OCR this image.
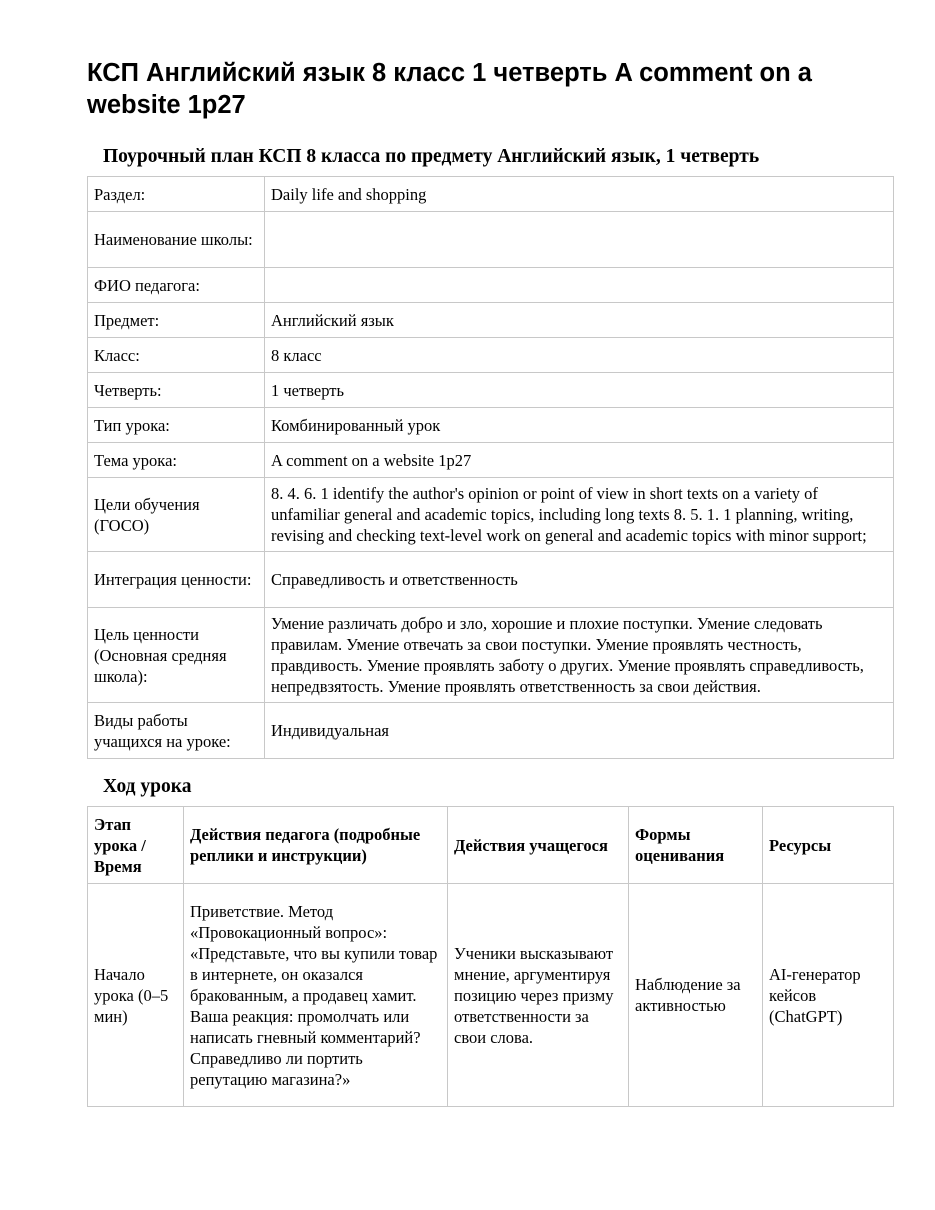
КСП Английский язык 8 класс 1 четверть A comment on a website 1p27
Поурочный план КСП 8 класса по предмету Английский язык, 1 четверть
Раздел:	Daily life and shopping
Наименование школы:	
ФИО педагога:	
Предмет:	Английский язык
Класс:	8 класс
Четверть:	1 четверть
Тип урока:	Комбинированный урок
Тема урока:	A comment on a website 1p27
Цели обучения (ГОСО)	8. 4. 6. 1 identify the author's opinion or point of view in short texts on a variety of unfamiliar general and academic topics, including long texts 8. 5. 1. 1 planning, writing, revising and checking text-level work on general and academic topics with minor support;
Интеграция ценности:	Справедливость и ответственность
Цель ценности (Основная средняя школа):	Умение различать добро и зло, хорошие и плохие поступки. Умение следовать правилам. Умение отвечать за свои поступки. Умение проявлять честность, правдивость. Умение проявлять заботу о других. Умение проявлять справедливость, непредвзятость. Умение проявлять ответственность за свои действия.
Виды работы учащихся на уроке:	Индивидуальная
Ход урока
Этап урока / Время	Действия педагога (подробные реплики и инструкции)	Действия учащегося	Формы оценивания	Ресурсы
Начало урока (0–5 мин)	Приветствие. Метод «Провокационный вопрос»: «Представьте, что вы купили товар в интернете, он оказался бракованным, а продавец хамит. Ваша реакция: промолчать или написать гневный комментарий? Справедливо ли портить репутацию магазина?»	Ученики высказывают мнение, аргументируя позицию через призму ответственности за свои слова.	Наблюдение за активностью	AI-генератор кейсов (ChatGPT)
